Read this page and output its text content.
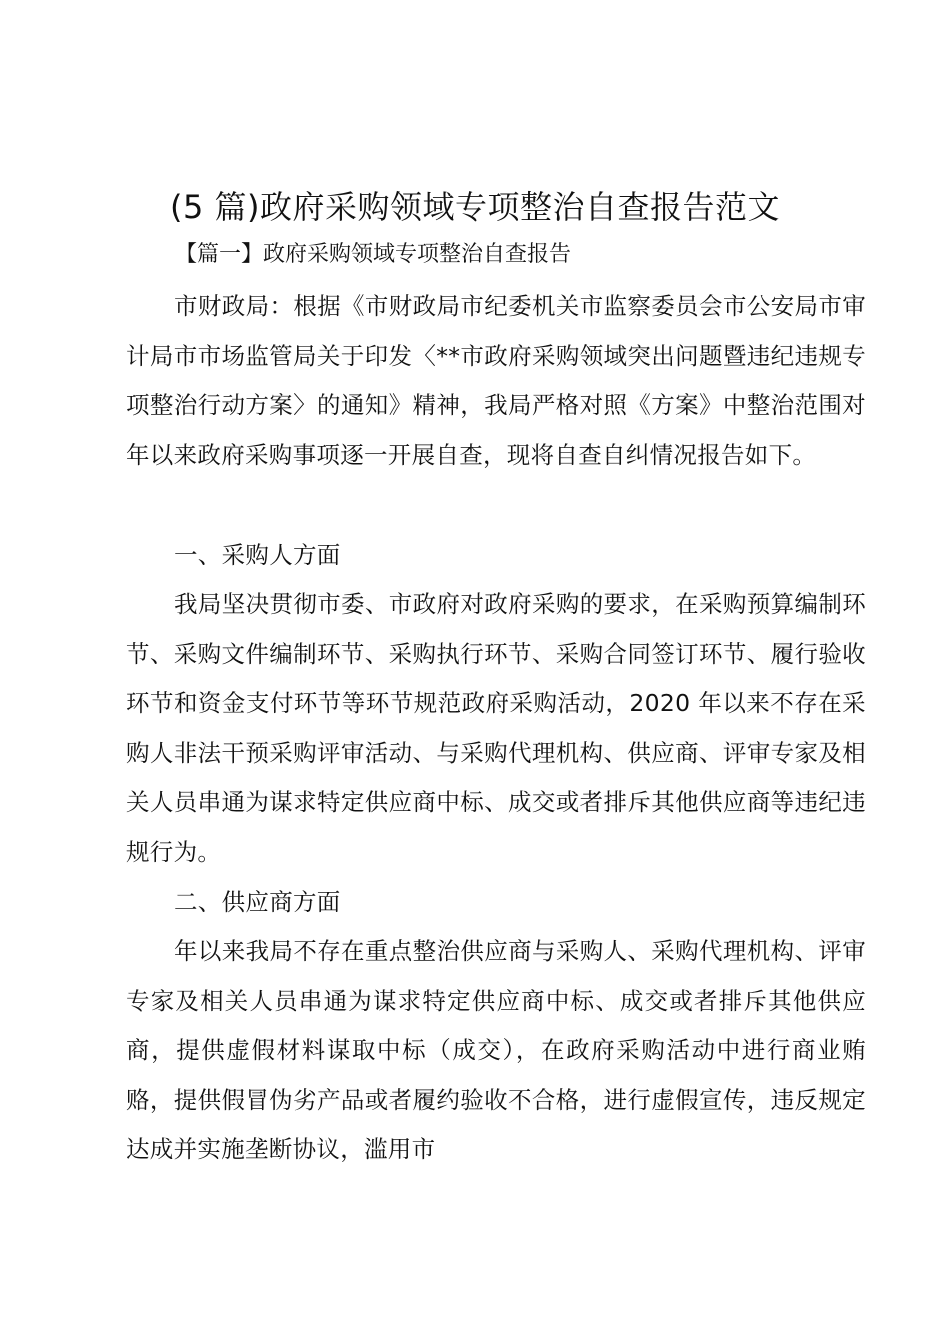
(5 篇)政府采购领域专项整治自查报告范文
【篇一】政府采购领域专项整治自查报告
市财政局：根据《市财政局市纪委机关市监察委员会市公安局市审计局市市场监管局关于印发〈**市政府采购领域突出问题暨违纪违规专项整治行动方案〉的通知》精神，我局严格对照《方案》中整治范围对年以来政府采购事项逐一开展自查，现将自查自纠情况报告如下。
一、采购人方面
我局坚决贯彻市委、市政府对政府采购的要求，在采购预算编制环节、采购文件编制环节、采购执行环节、采购合同签订环节、履行验收环节和资金支付环节等环节规范政府采购活动，2020 年以来不存在采购人非法干预采购评审活动、与采购代理机构、供应商、评审专家及相关人员串通为谋求特定供应商中标、成交或者排斥其他供应商等违纪违规行为。
二、供应商方面
年以来我局不存在重点整治供应商与采购人、采购代理机构、评审专家及相关人员串通为谋求特定供应商中标、成交或者排斥其他供应商，提供虚假材料谋取中标（成交），在政府采购活动中进行商业贿赂，提供假冒伪劣产品或者履约验收不合格，进行虚假宣传，违反规定达成并实施垄断协议，滥用市
